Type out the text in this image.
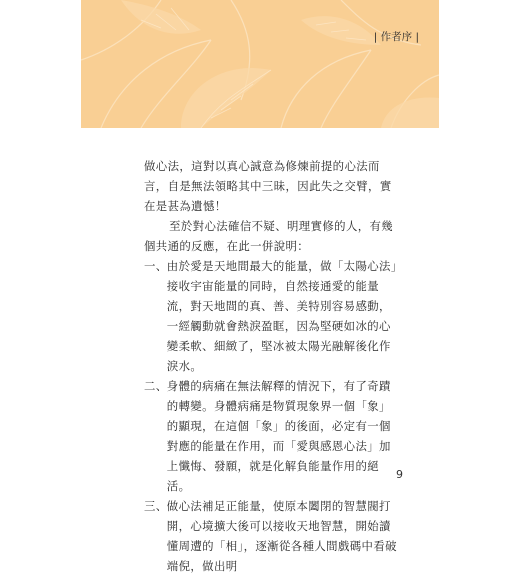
| 作者序 |

做心法，這對以真心誠意為修煉前提的心法而言，自是無法領略其中三昧，因此失之交臂，實在是甚為遺憾！

至於對心法確信不疑、明理實修的人，有幾個共通的反應，在此一併說明：

一、 由於愛是天地間最大的能量，做「太陽心法」接收宇宙能量的同時，自然接通愛的能量流，對天地間的真、善、美特別容易感動，一經觸動就會熱淚盈眶，因為堅硬如冰的心變柔軟、細緻了，堅冰被太陽光融解後化作淚水。
二、 身體的病痛在無法解釋的情況下，有了奇蹟的轉變。身體病痛是物質現象界一個「象」的顯現，在這個「象」的後面，必定有一個對應的能量在作用，而「愛與感恩心法」加上懺悔、發願，就是化解負能量作用的絕活。
三、 做心法補足正能量，使原本闔閉的智慧閥打開，心境擴大後可以接收天地智慧，開始讀懂周遭的「相」，逐漸從各種人間戲碼中看破端倪，做出明
9
